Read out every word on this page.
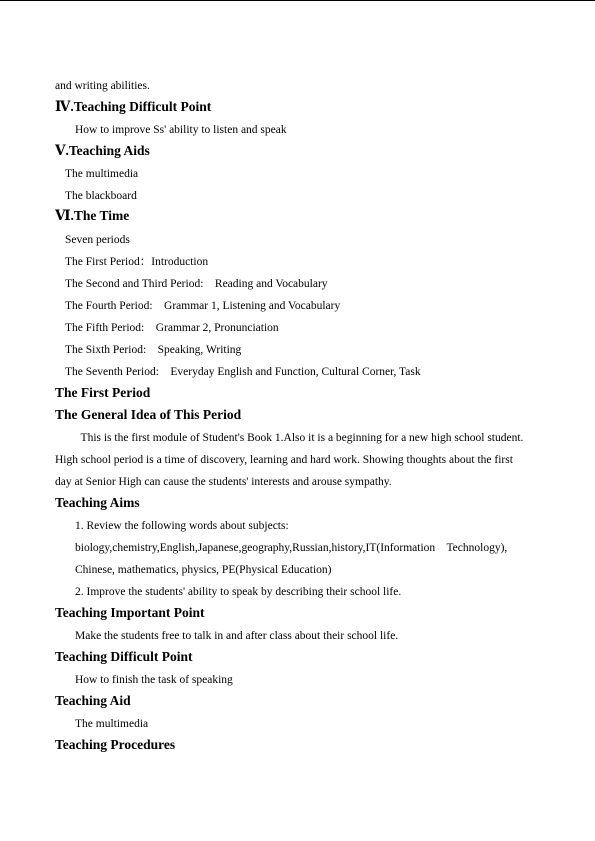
and writing abilities.
Ⅳ.Teaching Difficult Point
How to improve Ss' ability to listen and speak
Ⅴ.Teaching Aids
The multimedia
The blackboard
Ⅵ.The Time
Seven periods
The First Period：Introduction
The Second and Third Period:    Reading and Vocabulary
The Fourth Period:    Grammar 1, Listening and Vocabulary
The Fifth Period:    Grammar 2, Pronunciation
The Sixth Period:    Speaking, Writing
The Seventh Period:    Everyday English and Function, Cultural Corner, Task
The First Period
The General Idea of This Period
This is the first module of Student's Book 1.Also it is a beginning for a new high school student.
High school period is a time of discovery, learning and hard work. Showing thoughts about the first
day at Senior High can cause the students' interests and arouse sympathy.
Teaching Aims
1. Review the following words about subjects:
biology,chemistry,English,Japanese,geography,Russian,history,IT(Information    Technology),
Chinese, mathematics, physics, PE(Physical Education)
2. Improve the students' ability to speak by describing their school life.
Teaching Important Point
Make the students free to talk in and after class about their school life.
Teaching Difficult Point
How to finish the task of speaking
Teaching Aid
The multimedia
Teaching Procedures
